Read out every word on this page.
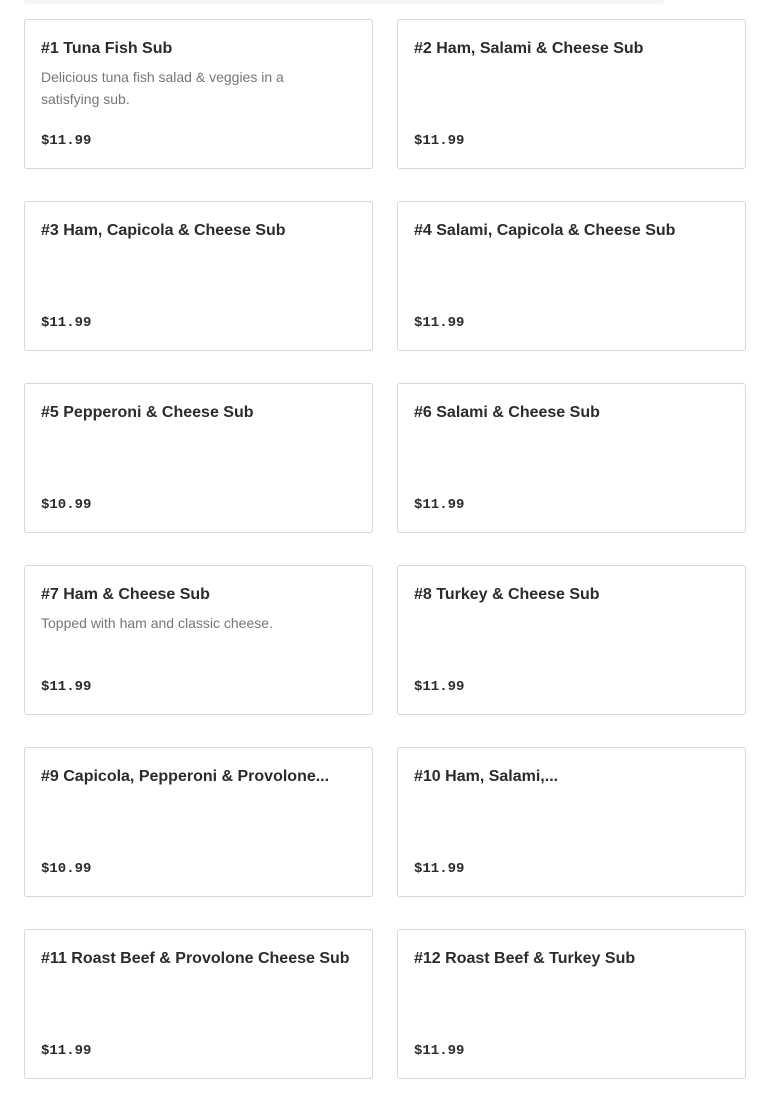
#1 Tuna Fish Sub
Delicious tuna fish salad & veggies in a satisfying sub.
$11.99
#2 Ham, Salami & Cheese Sub
$11.99
#3 Ham, Capicola & Cheese Sub
$11.99
#4 Salami, Capicola & Cheese Sub
$11.99
#5 Pepperoni & Cheese Sub
$10.99
#6 Salami & Cheese Sub
$11.99
#7 Ham & Cheese Sub
Topped with ham and classic cheese.
$11.99
#8 Turkey & Cheese Sub
$11.99
#9 Capicola, Pepperoni & Provolone...
$10.99
#10 Ham, Salami,...
$11.99
#11 Roast Beef & Provolone Cheese Sub
$11.99
#12 Roast Beef & Turkey Sub
$11.99
